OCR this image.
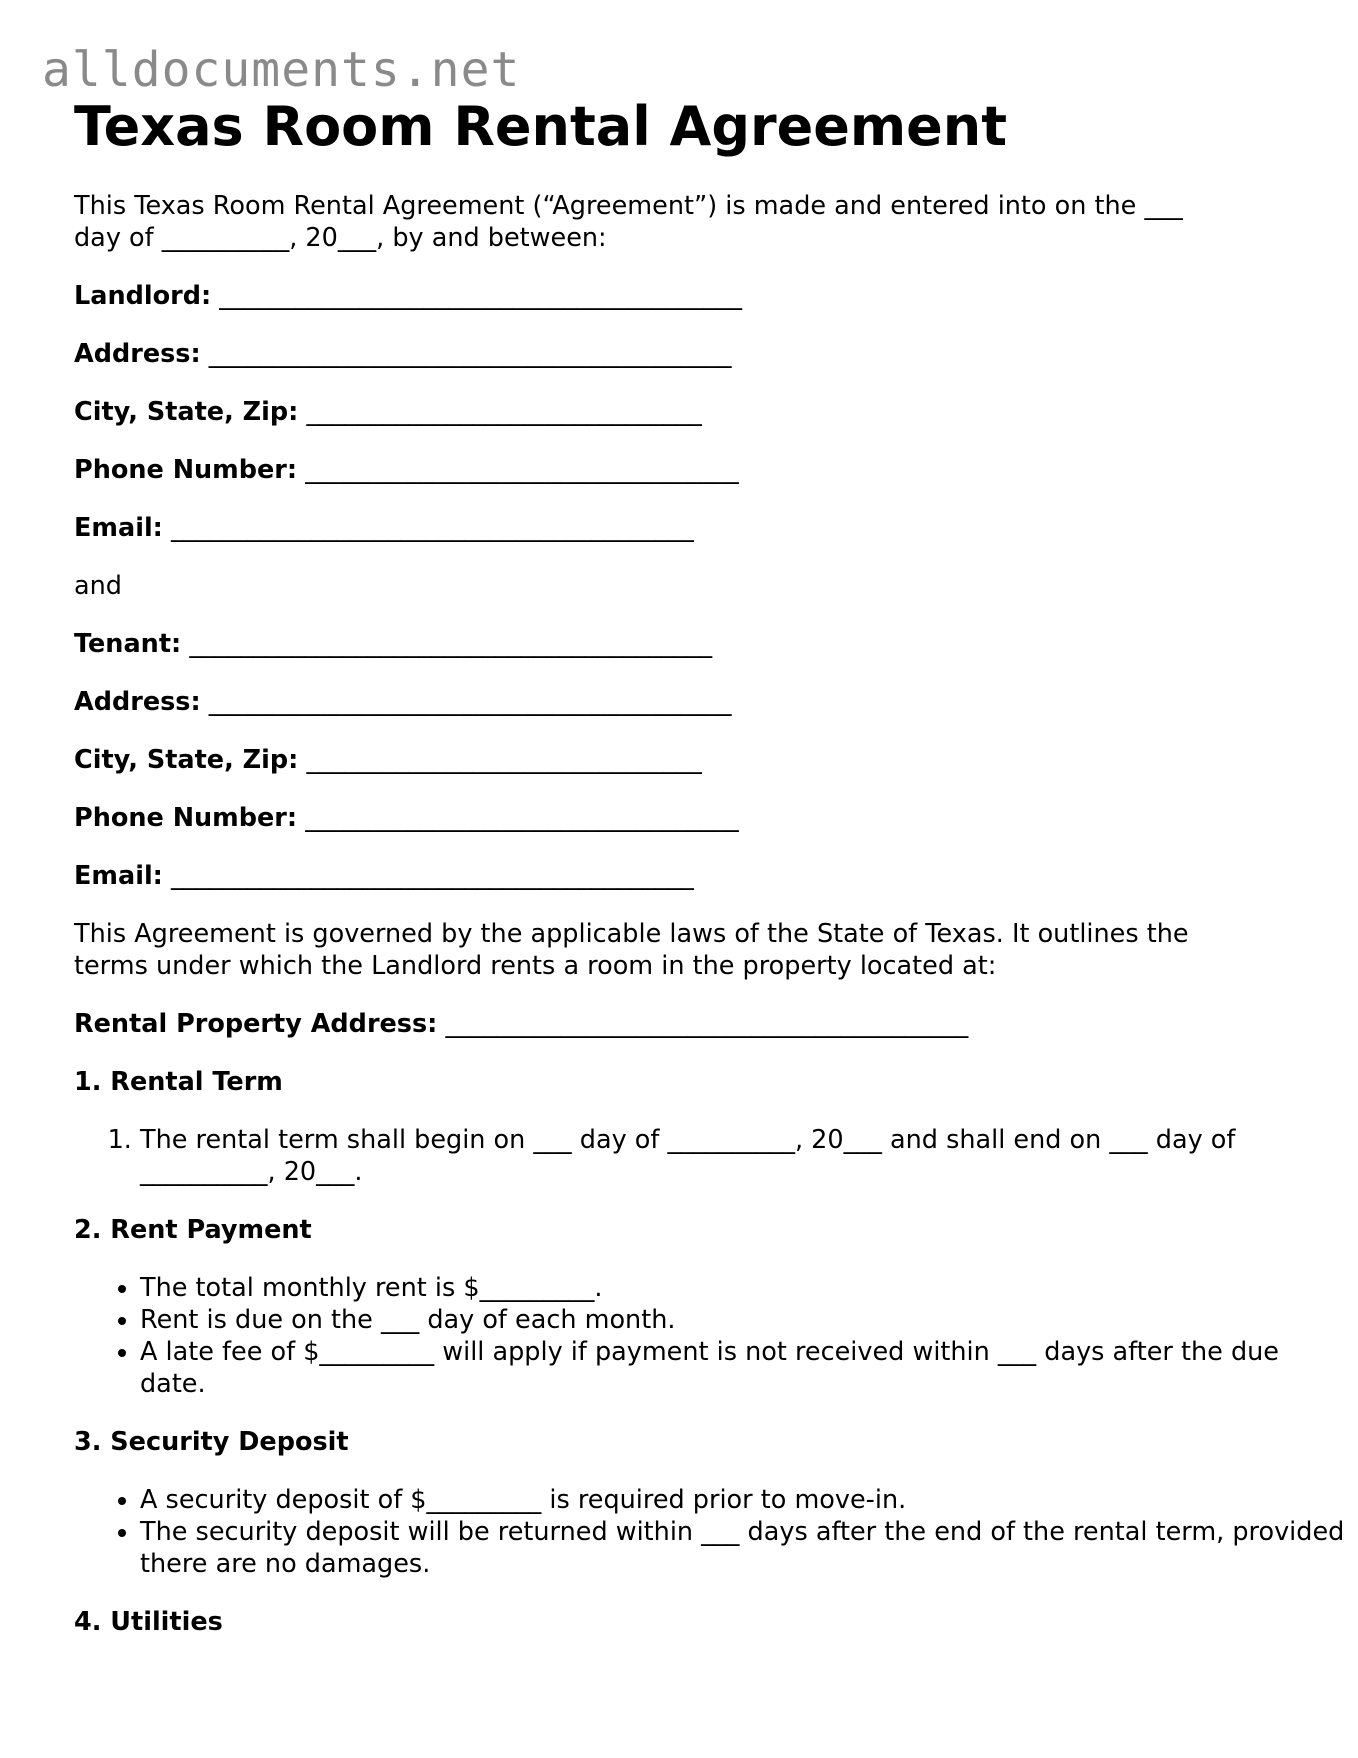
alldocuments.net
Texas Room Rental Agreement

This Texas Room Rental Agreement (“Agreement”) is made and entered into on the ___ day of __________, 20___, by and between:

Landlord: _________________________________________

Address: _________________________________________

City, State, Zip: _______________________________

Phone Number: __________________________________

Email: _________________________________________

and

Tenant: _________________________________________

Address: _________________________________________

City, State, Zip: _______________________________

Phone Number: __________________________________

Email: _________________________________________

This Agreement is governed by the applicable laws of the State of Texas. It outlines the terms under which the Landlord rents a room in the property located at:

Rental Property Address: _________________________________________

1. Rental Term
1. The rental term shall begin on ___ day of __________, 20___ and shall end on ___ day of __________, 20___.
2. Rent Payment
• The total monthly rent is $_________.
• Rent is due on the ___ day of each month.
• A late fee of $_________ will apply if payment is not received within ___ days after the due date.
3. Security Deposit
• A security deposit of $_________ is required prior to move-in.
• The security deposit will be returned within ___ days after the end of the rental term, provided there are no damages.
4. Utilities
